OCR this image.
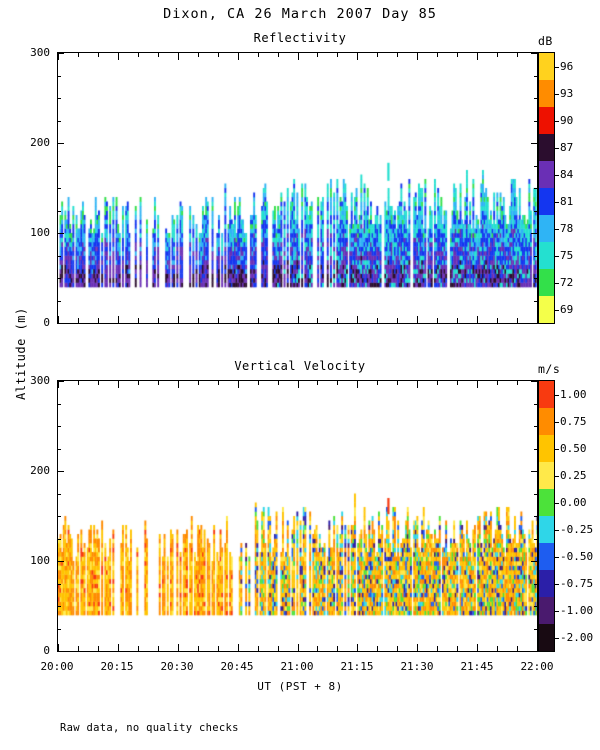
Dixon, CA 26 March 2007 Day 85
Reflectivity
300
200
100
0
Vertical Velocity
300
200
100
0
Altitude (m)
20:00	20:15	20:30	20:45	21:00	21:15	21:30	21:45	22:00
UT (PST + 8)
dB
96
93
90
87
84
81
78
75
72
69
m/s
1.00
0.75
0.50
0.25
0.00
-0.25
-0.50
-0.75
-1.00
-2.00
Raw data, no quality checks
